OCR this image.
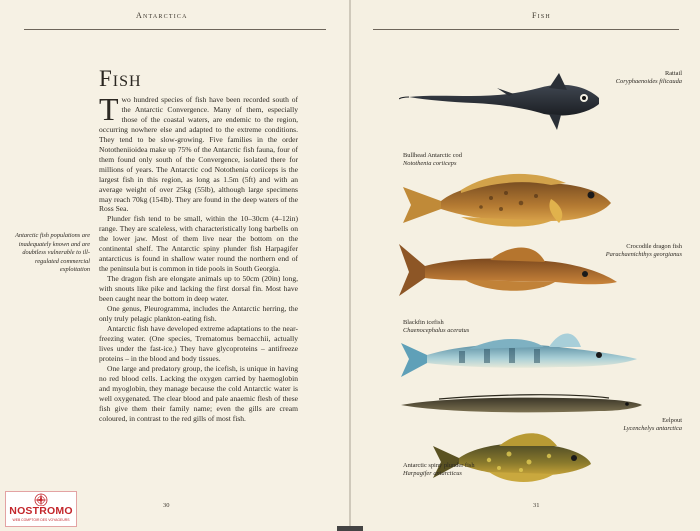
Antarctica
Fish

Two hundred species of fish have been recorded south of the Antarctic Convergence. Many of them, especially those of the coastal waters, are endemic to the region, occurring nowhere else and adapted to the extreme conditions. They tend to be slow-growing. Five families in the order Nototheniioidea make up 75% of the Antarctic fish fauna, four of them found only south of the Convergence, isolated there for millions of years. The Antarctic cod Notothenia coriiceps is the largest fish in this region, as long as 1.5m (5ft) and with an average weight of over 25kg (55lb), although large specimens may reach 70kg (154lb). They are found in the deep waters of the Ross Sea.

Plunder fish tend to be small, within the 10–30cm (4–12in) range. They are scaleless, with characteristically long barbells on the lower jaw. Most of them live near the bottom on the continental shelf. The Antarctic spiny plunder fish Harpagifer antarcticus is found in shallow water round the northern end of the peninsula but is common in tide pools in South Georgia.

The dragon fish are elongate animals up to 50cm (20in) long, with snouts like pike and lacking the first dorsal fin. Most have been caught near the bottom in deep water.

One genus, Pleurogramma, includes the Antarctic herring, the only truly pelagic plankton-eating fish.

Antarctic fish have developed extreme adaptations to the near-freezing water. (One species, Trematomus bernacchii, actually lives under the fast-ice.) They have glycoproteins – antifreeze proteins – in the blood and body tissues.

One large and predatory group, the icefish, is unique in having no red blood cells. Lacking the oxygen carried by haemoglobin and myoglobin, they manage because the cold Antarctic water is well oxygenated. The clear blood and pale anaemic flesh of these fish give them their family name; even the gills are cream coloured, in contrast to the red gills of most fish.

Antarctic fish populations are inadequately known and are doubtless vulnerable to ill-regulated commercial exploitation
30
NOSTROMO
WEB COMPTOIR DES VOYAGEURS
Fish
Rattail
Coryphaenoides filicauda
Bullhead Antarctic cod
Notothenia coriiceps
Crocodile dragon fish
Parachaenichthys georgianus
Blackfin icefish
Chaenocephalus aceratus
Eelpout
Lycenchelys antarctica
Antarctic spiny plunder fish
Harpagifer antarcticus
31
